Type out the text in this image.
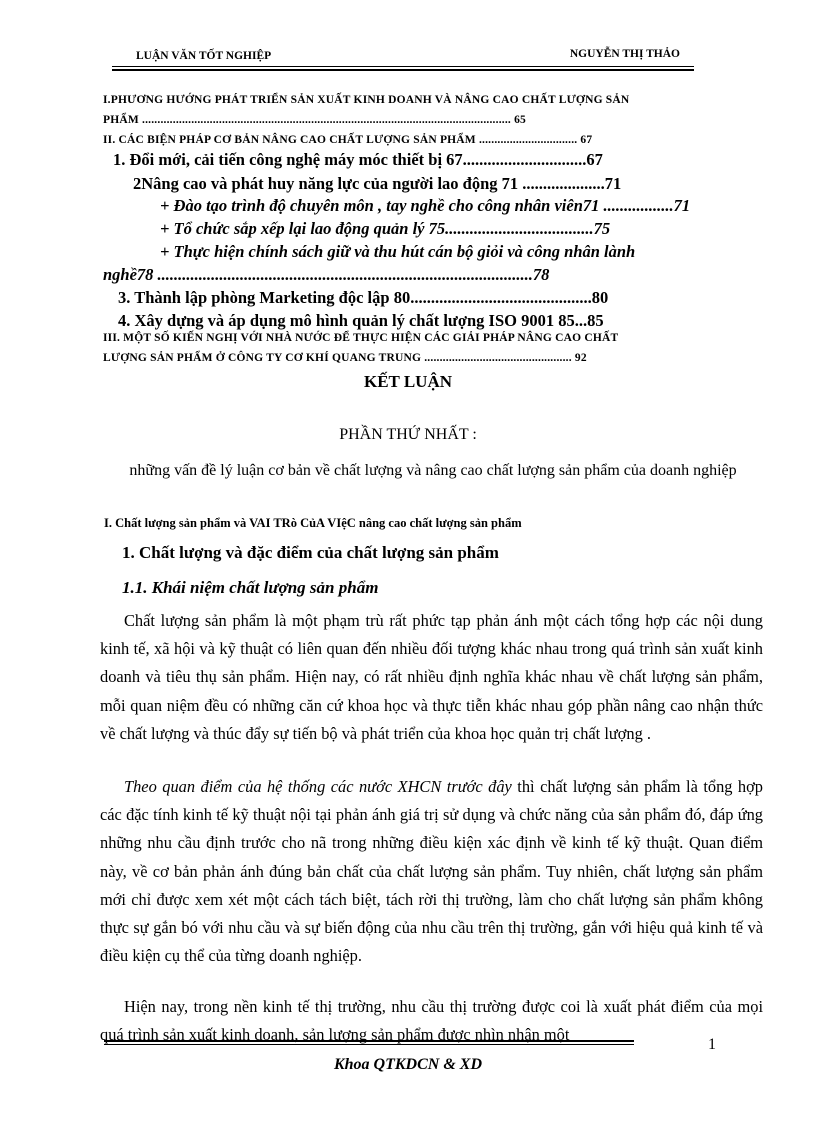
LUẬN VĂN TỐT NGHIỆP	NGUYỄN THỊ THẢO
I.PHƯƠNG HƯỚNG PHÁT TRIỂN SẢN XUẤT KINH DOANH VÀ NÂNG CAO CHẤT LƯỢNG SẢN
PHẨM ........................................................................................................................ 65
II. CÁC BIỆN PHÁP CƠ BẢN NÂNG CAO CHẤT LƯỢNG SẢN PHẨM ................................ 67
1. Đổi mới, cải tiến công nghệ máy móc thiết bị 67..............................67
2Nâng cao và phát huy năng lực của người lao động 71 ....................71
+ Đào tạo trình độ chuyên môn , tay nghề cho công nhân viên71 .................71
+ Tổ chức sắp xếp lại lao động quản lý 75....................................75
+ Thực hiện chính sách giữ và thu hút cán bộ giỏi và công nhân lành
nghề78 ...........................................................................................78
3. Thành lập phòng Marketing độc lập 80............................................80
4. Xây dựng và áp dụng mô hình quản lý chất lượng ISO 9001 85...85
III. MỘT SỐ KIẾN NGHỊ VỚI NHÀ NƯỚC ĐỂ THỰC HIỆN CÁC GIẢI PHÁP NÂNG CAO CHẤT
LƯỢNG SẢN PHẨM Ở CÔNG TY CƠ KHÍ QUANG TRUNG ................................................ 92
KẾT LUẬN
PHẦN THỨ NHẤT :
những vấn đề lý luận cơ bản về chất lượng và nâng cao chất lượng sản phẩm của doanh nghiệp
I. Chất lượng sản phẩm và VAI TRò CủA VIệC nâng cao chất lượng sản phẩm
1. Chất lượng và đặc điểm của chất lượng sản phẩm
1.1. Khái niệm chất lượng sản phẩm
Chất lượng sản phẩm là một phạm trù rất phức tạp phản ánh một cách tổng hợp các nội dung kinh tế, xã hội và kỹ thuật có liên quan đến nhiều đối tượng khác nhau trong quá trình sản xuất kinh doanh và tiêu thụ sản phẩm. Hiện nay, có rất nhiều định nghĩa khác nhau về chất lượng sản phẩm, mỗi quan niệm đều có những căn cứ khoa học và thực tiễn khác nhau góp phần nâng cao nhận thức về chất lượng và thúc đẩy sự tiến bộ và phát triển của khoa học quản trị chất lượng .
Theo quan điểm của hệ thống các nước XHCN trước đây thì chất lượng sản phẩm là tổng hợp các đặc tính kinh tế kỹ thuật nội tại phản ánh giá trị sử dụng và chức năng của sản phẩm đó, đáp ứng những nhu cầu định trước cho nã trong những điều kiện xác định về kinh tế kỹ thuật. Quan điểm này, về cơ bản phản ánh đúng bản chất của chất lượng sản phẩm. Tuy nhiên, chất lượng sản phẩm mới chỉ được xem xét một cách tách biệt, tách rời thị trường, làm cho chất lượng sản phẩm không thực sự gắn bó với nhu cầu và sự biến động của nhu cầu trên thị trường, gắn với hiệu quả kinh tế và điều kiện cụ thể của từng doanh nghiệp.
Hiện nay, trong nền kinh tế thị trường, nhu cầu thị trường được coi là xuất phát điểm của mọi quá trình sản xuất kinh doanh, sản lượng sản phẩm được nhìn nhận một
1
Khoa QTKDCN & XD
